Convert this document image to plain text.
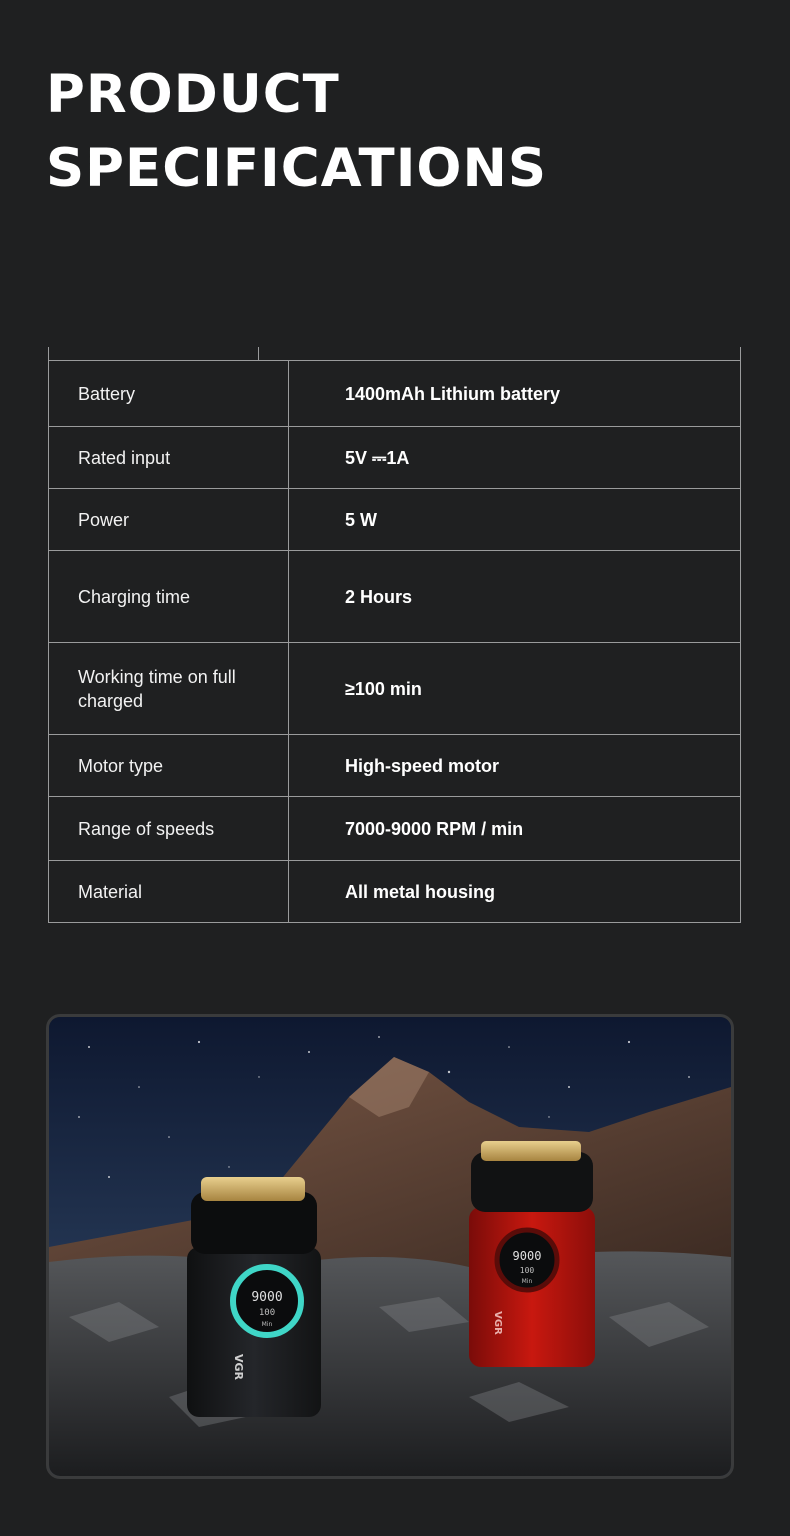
PRODUCT
SPECIFICATIONS
Battery	1400mAh Lithium battery
Rated input	5V ⎓1A
Power	5 W
Charging time	2 Hours
Working time on full charged	≥100 min
Motor type	High-speed motor
Range of speeds	7000-9000 RPM / min
Material	All metal housing
9000
100
Min
VGR
9000
100
Min
VGR
